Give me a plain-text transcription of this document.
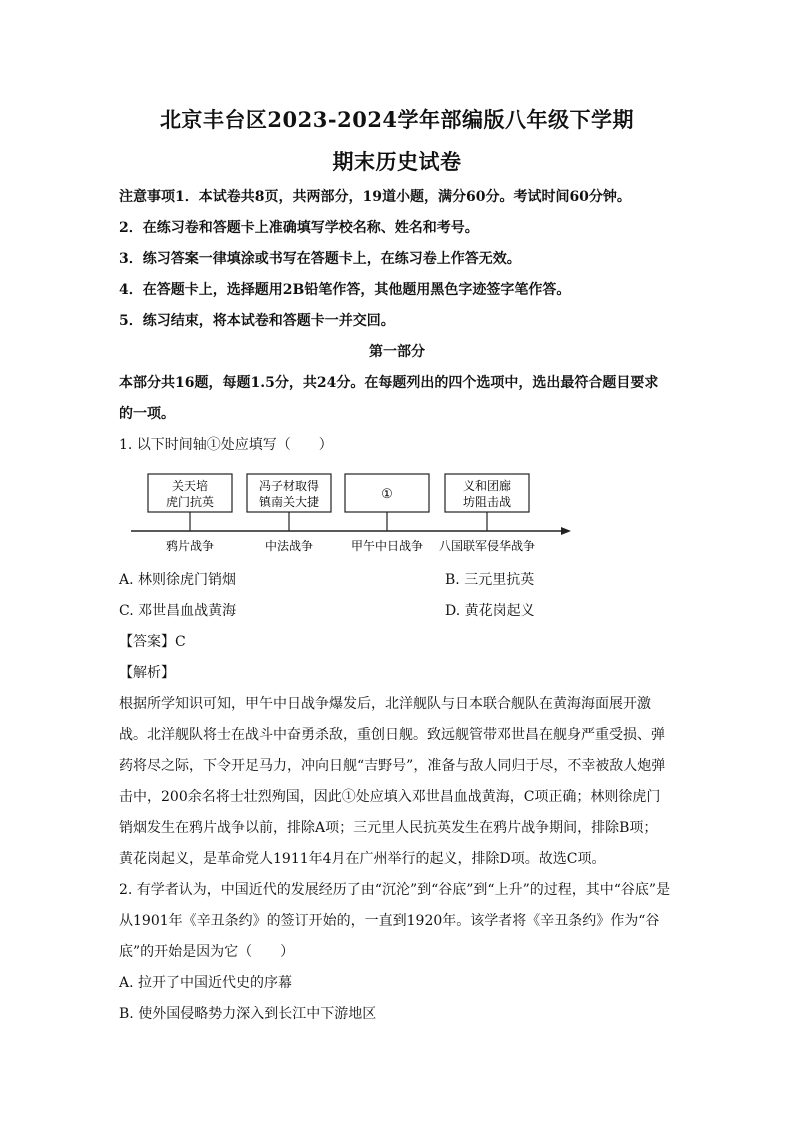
北京丰台区2023-2024学年部编版八年级下学期
期末历史试卷
注意事项1．本试卷共8页，共两部分，19道小题，满分60分。考试时间60分钟。
2．在练习卷和答题卡上准确填写学校名称、姓名和考号。
3．练习答案一律填涂或书写在答题卡上，在练习卷上作答无效。
4．在答题卡上，选择题用2B铅笔作答，其他题用黑色字迹签字笔作答。
5．练习结束，将本试卷和答题卡一并交回。
第一部分
本部分共16题，每题1.5分，共24分。在每题列出的四个选项中，选出最符合题目要求
的一项。
1. 以下时间轴①处应填写（　　）
关天培
虎门抗英
冯子材取得
镇南关大捷	①
义和团廊
坊阻击战
鸦片战争	中法战争	甲午中日战争 八国联军侵华战争
A. 林则徐虎门销烟	B. 三元里抗英
C. 邓世昌血战黄海	D. 黄花岗起义
【答案】C
【解析】
根据所学知识可知，甲午中日战争爆发后，北洋舰队与日本联合舰队在黄海海面展开激
战。北洋舰队将士在战斗中奋勇杀敌，重创日舰。致远舰管带邓世昌在舰身严重受损、弹
药将尽之际，下令开足马力，冲向日舰“吉野号”，准备与敌人同归于尽，不幸被敌人炮弹
击中，200余名将士壮烈殉国，因此①处应填入邓世昌血战黄海，C项正确；林则徐虎门
销烟发生在鸦片战争以前，排除A项；三元里人民抗英发生在鸦片战争期间，排除B项；
黄花岗起义，是革命党人1911年4月在广州举行的起义，排除D项。故选C项。
2. 有学者认为，中国近代的发展经历了由“沉沦”到“谷底”到“上升”的过程，其中“谷底”是
从1901年《辛丑条约》的签订开始的，一直到1920年。该学者将《辛丑条约》作为“谷
底”的开始是因为它（　　）
A. 拉开了中国近代史的序幕
B. 使外国侵略势力深入到长江中下游地区
